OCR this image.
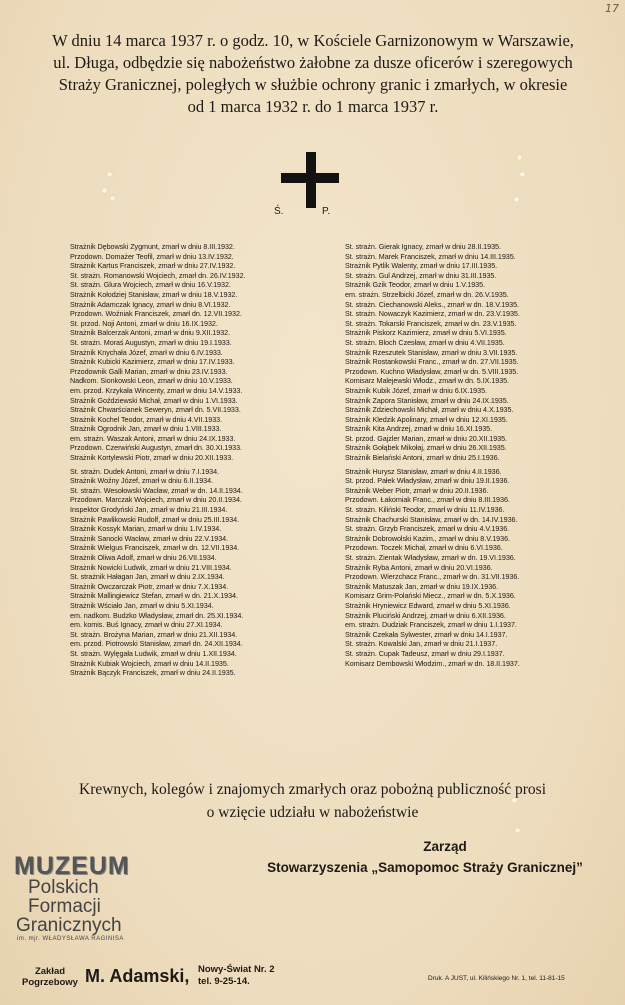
17
W dniu 14 marca 1937 r. o godz. 10, w Kościele Garnizonowym w Warszawie,
ul. Długa, odbędzie się nabożeństwo żałobne za dusze oficerów i szeregowych
Straży Granicznej, poległych w służbie ochrony granic i zmarłych, w okresie
od 1 marca 1932 r. do 1 marca 1937 r.
Ś.	P.
Strażnik Dębowski Zygmunt, zmarł w dniu 8.III.1932.
Przodown. Domażer Teofil, zmarł w dniu 13.IV.1932.
Strażnik Kartus Franciszek, zmarł w dniu 27.IV.1932.
St. strażn. Romanowski Wojciech, zmarł dn. 26.IV.1932.
St. strażn. Glura Wojciech, zmarł w dniu 16.V.1932.
Strażnik Kołodziej Stanisław, zmarł w dniu 18.V.1932.
Strażnik Adamczak Ignacy, zmarł w dniu 8.VI.1932.
Przodown. Woźniak Franciszek, zmarł dn. 12.VII.1932.
St. przod. Noji Antoni, zmarł w dniu 16.IX.1932.
Strażnik Balcerzak Antoni, zmarł w dniu 9.XII.1932.
St. strażn. Moraś Augustyn, zmarł w dniu 19.I.1933.
Strażnik Knychała Józef, zmarł w dniu 6.IV.1933.
Strażnik Kubicki Kazimierz, zmarł w dniu 17.IV.1933.
Przodownik Galli Marian, zmarł w dniu 23.IV.1933.
Nadkom. Sionkowski Leon, zmarł w dniu 10.V.1933.
em. przod. Krzykała Wincenty, zmarł w dniu 14.V.1933.
Strażnik Goździewski Michał, zmarł w dniu 1.VI.1933.
Strażnik Chwarścianek Seweryn, zmarł dn. 5.VII.1933.
Strażnik Kochel Teodor, zmarł w dniu 4.VII.1933.
Strażnik Ogrodnik Jan, zmarł w dniu 1.VIII.1933.
em. strażn. Waszak Antoni, zmarł w dniu 24.IX.1933.
Przodown. Czerwiński Augustyn, zmarł dn. 30.XI.1933.
Strażnik Kortylewski Piotr, zmarł w dniu 20.XII.1933.
St. strażn. Dudek Antoni, zmarł w dniu 7.I.1934.
Strażnik Woźny Józef, zmarł w dniu 6.II.1934.
St. strażn. Wesołowski Wacław, zmarł w dn. 14.II.1934.
Przodown. Marczak Wojciech, zmarł w dniu 20.II.1934.
Inspektor Grodyński Jan, zmarł w dniu 21.III.1934.
Strażnik Pawlikowski Rudolf, zmarł w dniu 25.III.1934.
Strażnik Kossyk Marian, zmarł w dniu 1.IV.1934.
Strażnik Sanocki Wacław, zmarł w dniu 22.V.1934.
Strażnik Wielgus Franciszek, zmarł w dn. 12.VII.1934.
Strażnik Oliwa Adolf, zmarł w dniu 26.VII.1934.
Strażnik Nowicki Ludwik, zmarł w dniu 21.VIII.1934.
St. strażnik Hałagan Jan, zmarł w dniu 2.IX.1934.
Strażnik Owczarczak Piotr, zmarł w dniu 7.X.1934.
Strażnik Mallingiewicz Stefan, zmarł w dn. 21.X.1934.
Strażnik Wściało Jan, zmarł w dniu 5.XI.1934.
em. nadkom. Budzko Władysław, zmarł dn. 25.XI.1934.
em. komis. Buś Ignacy, zmarł w dniu 27.XI.1934.
St. strażn. Brożyna Marian, zmarł w dniu 21.XII.1934.
em. przod. Piotrowski Stanisław, zmarł dn. 24.XII.1934.
St. strażn. Wylęgała Ludwik, zmarł w dniu 1.XII.1934.
Strażnik Kubiak Wojciech, zmarł w dniu 14.II.1935.
Strażnik Bączyk Franciszek, zmarł w dniu 24.II.1935.
St. strażn. Gierak Ignacy, zmarł w dniu 28.II.1935.
St. strażn. Marek Franciszek, zmarł w dniu 14.III.1935.
Strażnik Pytlik Walenty, zmarł w dniu 17.III.1935.
St. strażn. Gul Andrzej, zmarł w dniu 31.III.1935.
Strażnik Gzik Teodor, zmarł w dniu 1.V.1935.
em. strażn. Strzelbicki Józef, zmarł w dn. 26.V.1935.
St. strażn. Ciechanowski Aleks., zmarł w dn. 18.V.1935.
St. strażn. Nowaczyk Kazimierz, zmarł w dn. 23.V.1935.
St. strażn. Tokarski Franciszek, zmarł w dn. 23.V.1935.
Strażnik Piskorz Kazimierz, zmarł w dniu 5.VI.1935.
St. strażn. Bloch Czesław, zmarł w dniu 4.VII.1935.
Strażnik Rzeszutek Stanisław, zmarł w dniu 3.VII.1935.
Strażnik Rostankowski Franc., zmarł w dn. 27.VII.1935.
Przodown. Kuchno Władysław, zmarł w dn. 5.VIII.1935.
Komisarz Malejewski Włodz., zmarł w dn. 5.IX.1935.
Strażnik Kubik Józef, zmarł w dniu 6.IX.1935.
Strażnik Zapora Stanisław, zmarł w dniu 24.IX.1935.
Strażnik Zdziechowski Michał, zmarł w dniu 4.X.1935.
Strażnik Kledzik Apolinary, zmarł w dniu 12.XI.1935.
Strażnik Kita Andrzej, zmarł w dniu 16.XI.1935.
St. przod. Gajzler Marian, zmarł w dniu 20.XII.1935.
Strażnik Gołąbek Mikołaj, zmarł w dniu 26.XII.1935.
Strażnik Bielański Antoni, zmarł w dniu 25.I.1936.
Strażnik Hurysz Stanisław, zmarł w dniu 4.II.1936.
St. przod. Pałek Władysław, zmarł w dniu 19.II.1936.
Strażnik Weber Piotr, zmarł w dniu 20.II.1936.
Przodown. Łakomiak Franc., zmarł w dniu 8.III.1936.
St. strażn. Kiliński Teodor, zmarł w dniu 11.IV.1936.
Strażnik Chachurski Stanisław, zmarł w dn. 14.IV.1936.
St. strażn. Grzyb Franciszek, zmarł w dniu 4.V.1936.
Strażnik Dobrowolski Kazim., zmarł w dniu 8.V.1936.
Przodown. Toczek Michał, zmarł w dniu 6.VI.1936.
St. strażn. Zientak Władysław, zmarł w dn. 19.VI.1936.
Strażnik Ryba Antoni, zmarł w dniu 20.VI.1936.
Przodown. Wierzchacz Franc., zmarł w dn. 31.VII.1936.
Strażnik Matuszak Jan, zmarł w dniu 19.IX.1936.
Komisarz Grim-Polański Miecz., zmarł w dn. 5.X.1936.
Strażnik Hryniewicz Edward, zmarł w dniu 5.XI.1936.
Strażnik Pluciński Andrzej, zmarł w dniu 6.XII.1936.
em. strażn. Dudziak Franciszek, zmarł w dniu 1.I.1937.
Strażnik Czekała Sylwester, zmarł w dniu 14.I.1937.
St. strażn. Kowalski Jan, zmarł w dniu 21.I.1937.
St. strażn. Cupak Tadeusz, zmarł w dniu 29.I.1937.
Komisarz Dembowski Włodzim., zmarł w dn. 18.II.1937.
Krewnych, kolegów i znajomych zmarłych oraz pobożną publiczność prosi
o wzięcie udziału w nabożeństwie
Zarząd
Stowarzyszenia „Samopomoc Straży Granicznej”
MUZEUM
Polskich
Formacji
Granicznych
im. mjr. WŁADYSŁAWA RAGINISA
Zakład
Pogrzebowy M. Adamski, Nowy-Świat Nr. 2
tel. 9-25-14.	Druk. A JUST, ul. Kilińskiego Nr. 1, tel. 11-81-15
